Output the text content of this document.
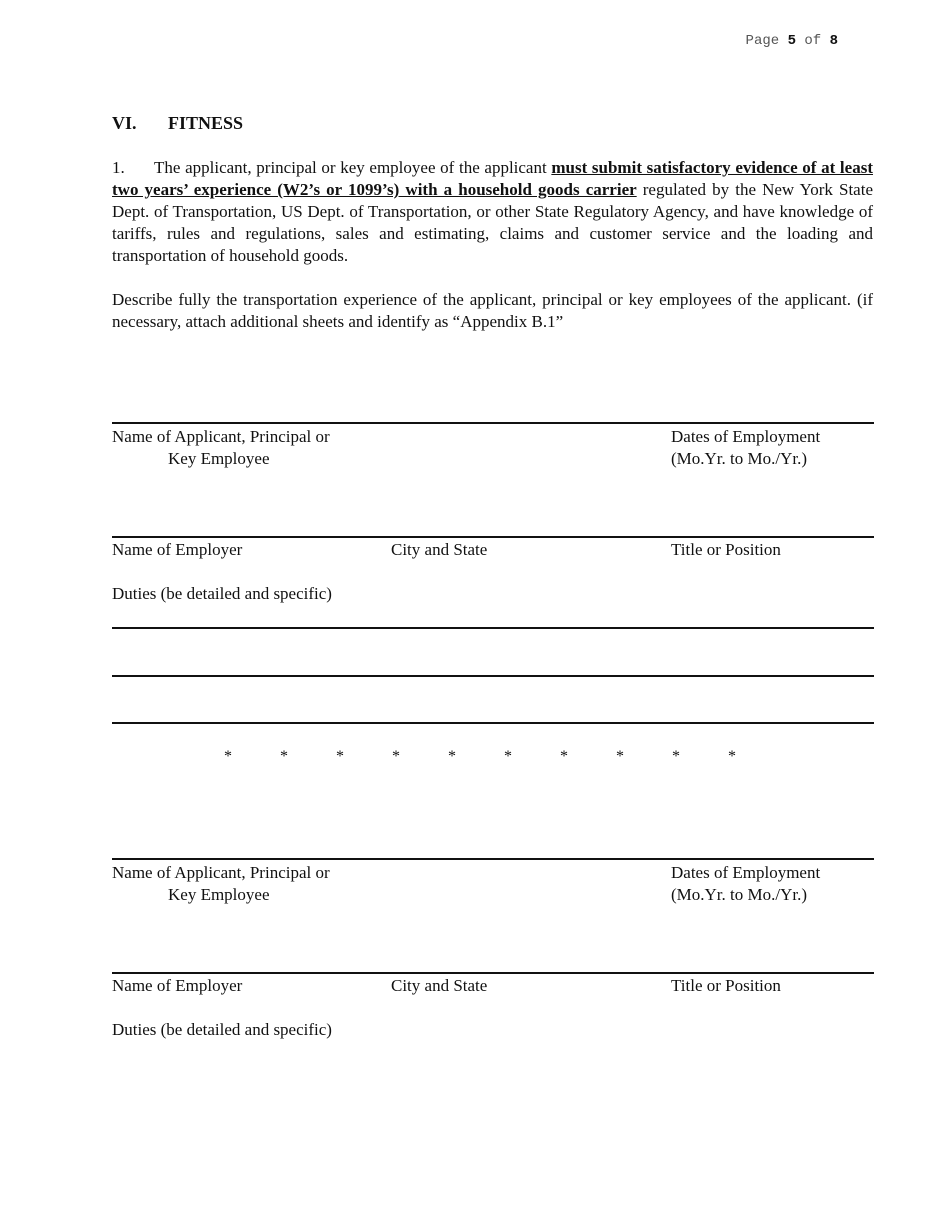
Page 5 of 8
VI. FITNESS
1. The applicant, principal or key employee of the applicant must submit satisfactory evidence of at least two years’ experience (W2’s or 1099’s) with a household goods carrier regulated by the New York State Dept. of Transportation, US Dept. of Transportation, or other State Regulatory Agency, and have knowledge of tariffs, rules and regulations, sales and estimating, claims and customer service and the loading and transportation of household goods.
Describe fully the transportation experience of the applicant, principal or key employees of the applicant. (if necessary, attach additional sheets and identify as “Appendix B.1”
Name of Applicant, Principal or
Key Employee
Dates of Employment
(Mo.Yr. to Mo./Yr.)
Name of Employer	City and State	Title or Position
Duties (be detailed and specific)
*	*	*	*	*	*	*	*	*	*
Name of Applicant, Principal or
Key Employee
Dates of Employment
(Mo.Yr. to Mo./Yr.)
Name of Employer	City and State	Title or Position
Duties (be detailed and specific)
